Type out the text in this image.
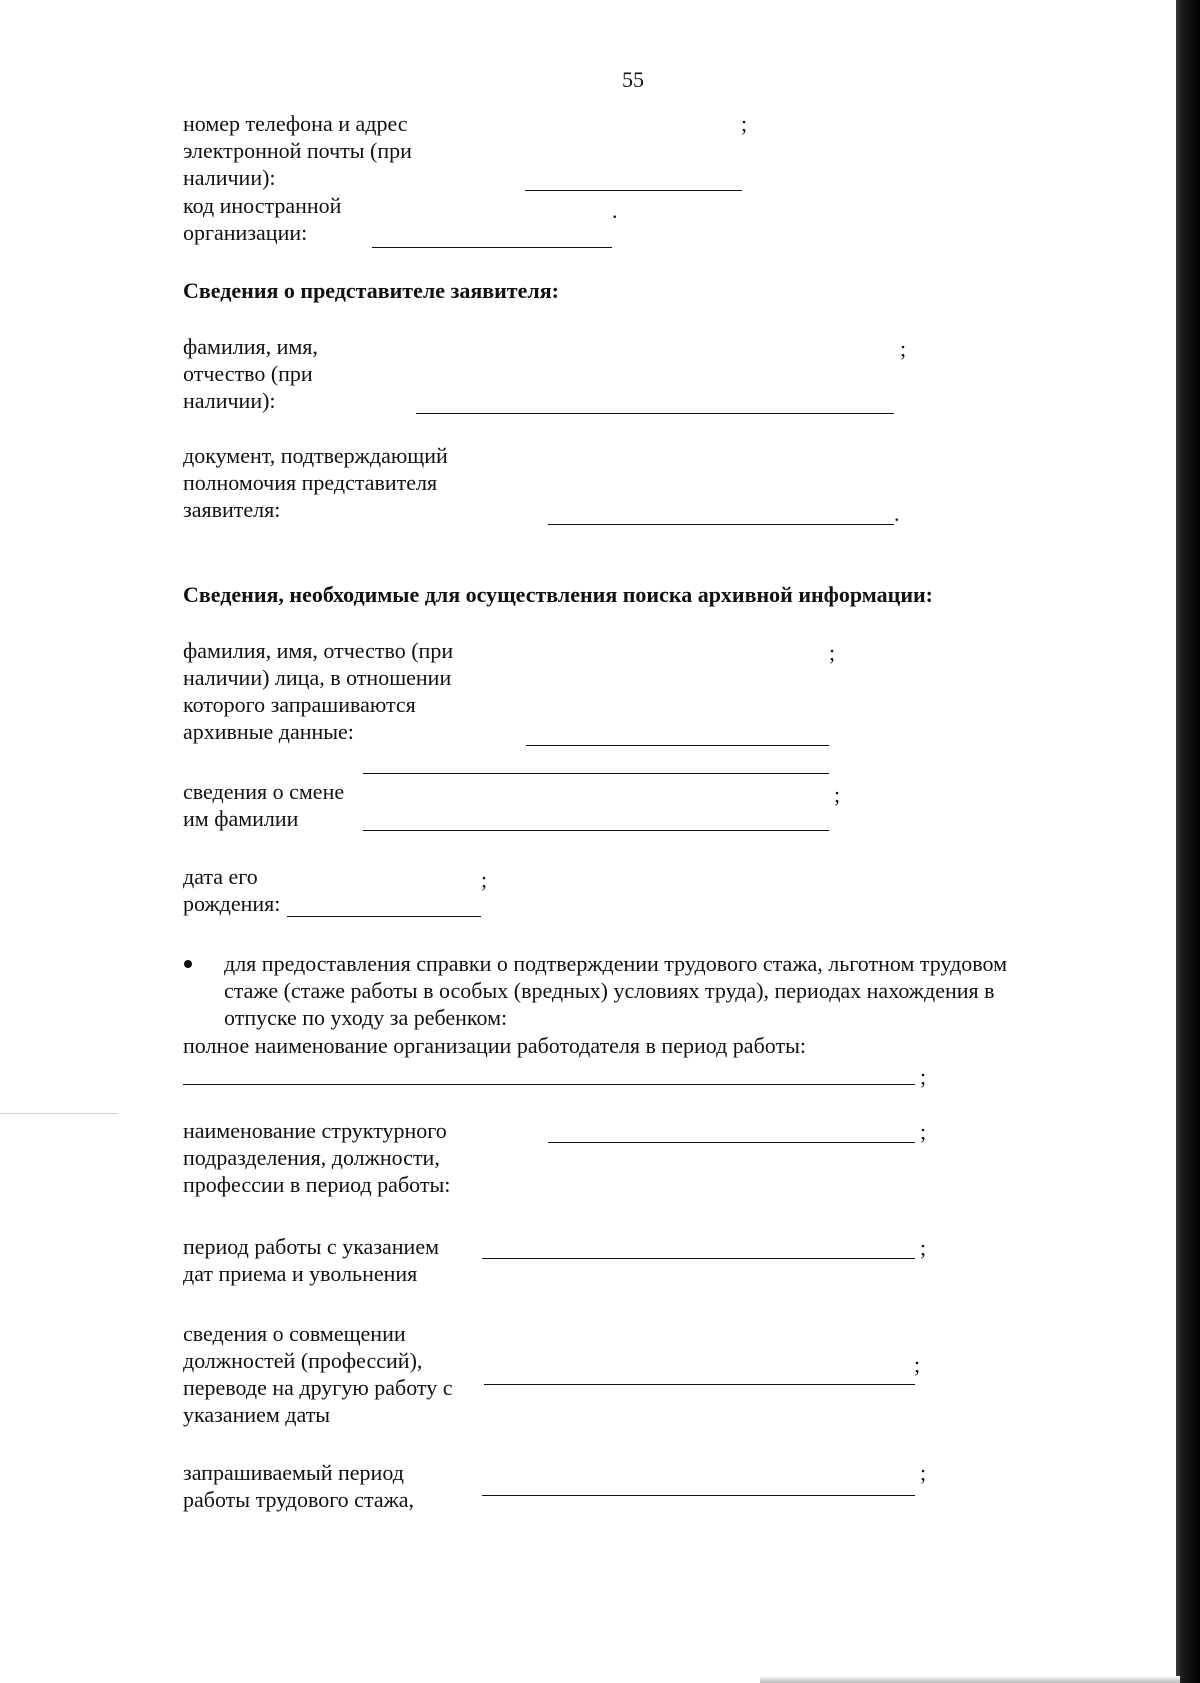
55
номер телефона и адрес
электронной почты (при
наличии):
;
код иностранной
организации:
.
Сведения о представителе заявителя:
фамилия, имя,
отчество (при
наличии):
;
документ, подтверждающий
полномочия представителя
заявителя:	.
Сведения, необходимые для осуществления поиска архивной информации:
фамилия, имя, отчество (при
наличии) лица, в отношении
которого запрашиваются
архивные данные:
;
сведения о смене
им фамилии
;
дата его
рождения:
;
для предоставления справки о подтверждении трудового стажа, льготном трудовом
стаже (стаже работы в особых (вредных) условиях труда), периодах нахождения в
отпуске по уходу за ребенком:
полное наименование организации работодателя в период работы:
;
наименование структурного
подразделения, должности,
профессии в период работы:
;
период работы с указанием
дат приема и увольнения
;
сведения о совмещении
должностей (профессий),
переводе на другую работу с
указанием даты
;
запрашиваемый период
работы трудового стажа,
;
